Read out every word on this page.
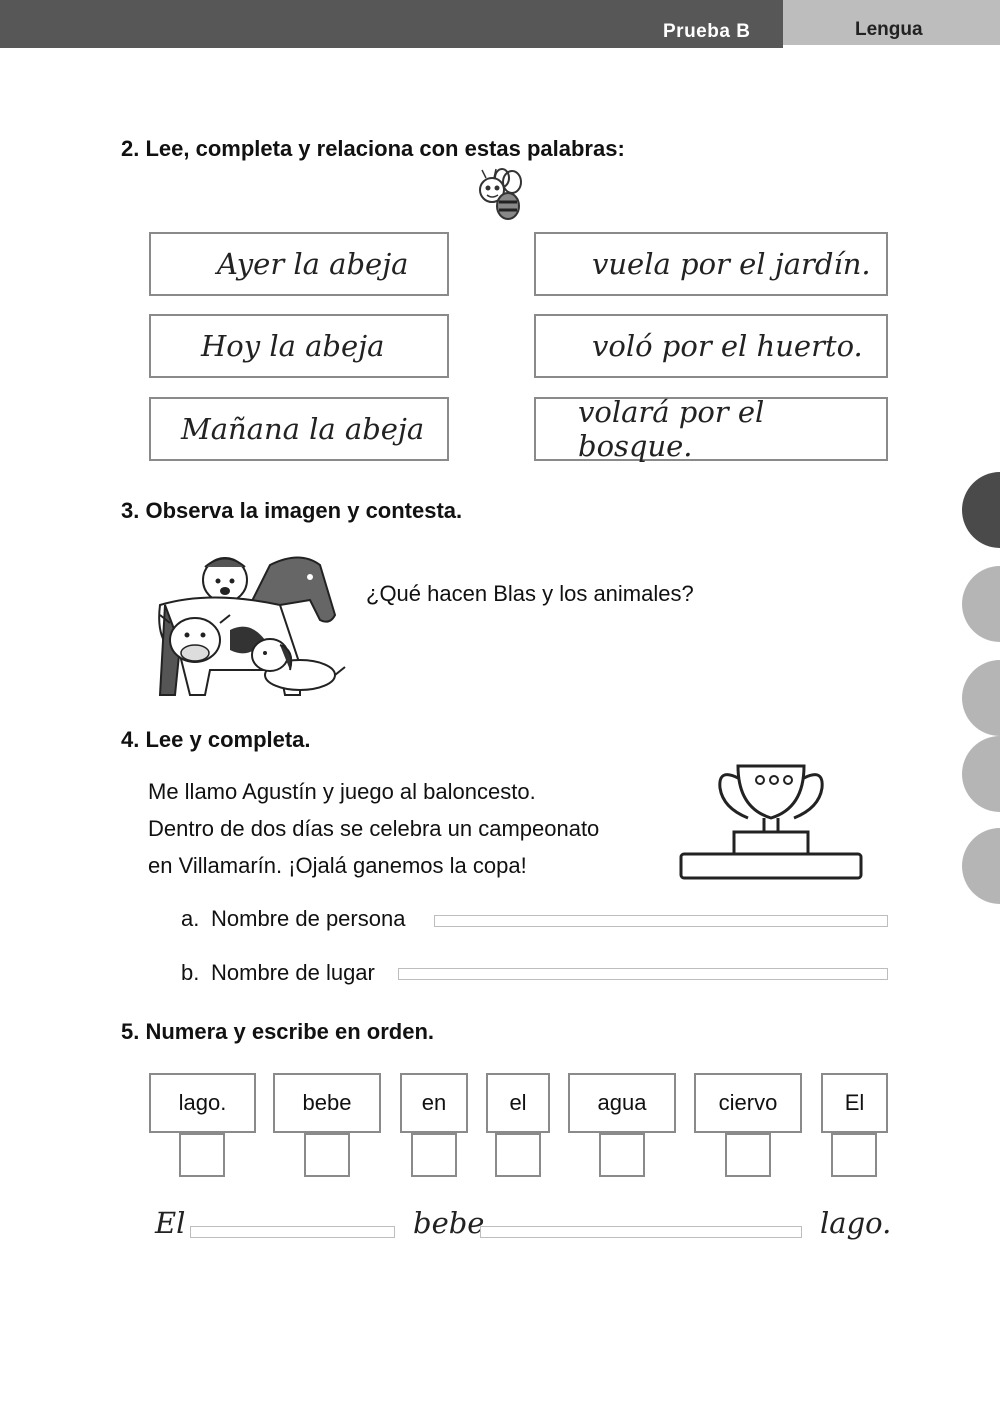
Prueba B	Lengua
2. Lee, completa y relaciona con estas palabras:
Ayer la abeja
Hoy la abeja
Mañana la abeja
vuela por el jardín.
voló por el huerto.
volará por el bosque.
3. Observa la imagen y contesta.
¿Qué hacen Blas y los animales?
4. Lee y completa.
Me llamo Agustín y juego al baloncesto.
Dentro de dos días se celebra un campeonato
en Villamarín. ¡Ojalá ganemos la copa!
a. Nombre de persona
b. Nombre de lugar
5. Numera y escribe en orden.
lago.	bebe	en	el	agua	ciervo	El
El	bebe	lago.
